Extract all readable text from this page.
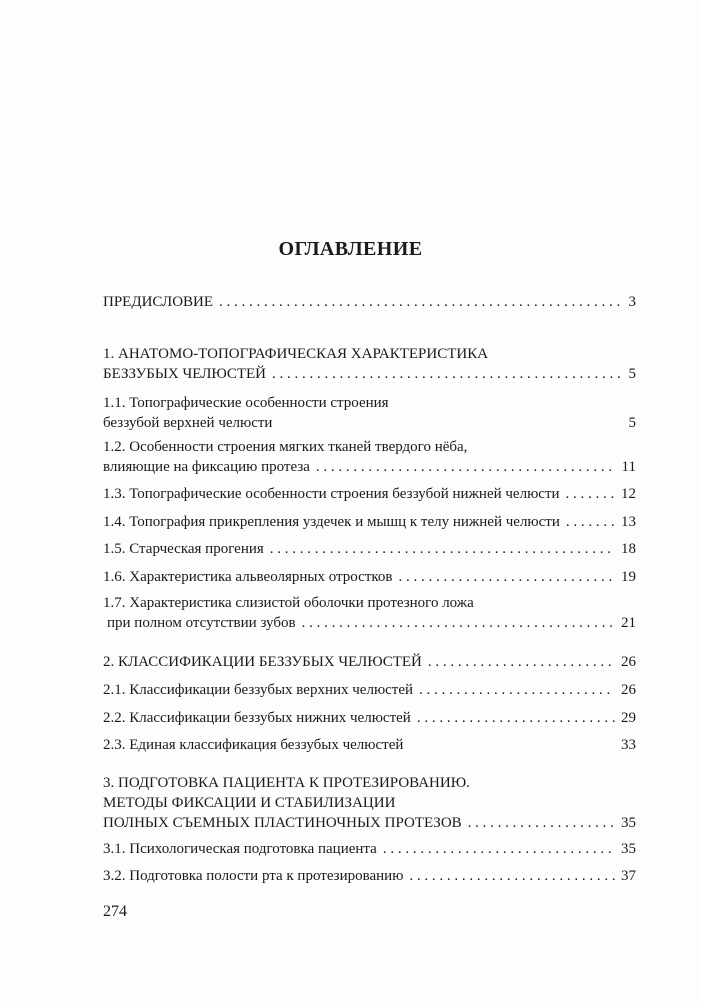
ОГЛАВЛЕНИЕ
ПРЕДИСЛОВИЕ . . .	3
1. АНАТОМО-ТОПОГРАФИЧЕСКАЯ ХАРАКТЕРИСТИКА
БЕЗЗУБЫХ ЧЕЛЮСТЕЙ . . .	5
1.1. Топографические особенности строения
беззубой верхней челюсти	5
1.2. Особенности строения мягких тканей твердого нёба,
влияющие на фиксацию протеза . . .	11
1.3. Топографические особенности строения беззубой нижней челюсти . . .	12
1.4. Топография прикрепления уздечек и мышц к телу нижней челюсти . . .	13
1.5. Старческая прогения . . .	18
1.6. Характеристика альвеолярных отростков . . .	19
1.7. Характеристика слизистой оболочки протезного ложа
при полном отсутствии зубов . . .	21
2. КЛАССИФИКАЦИИ БЕЗЗУБЫХ ЧЕЛЮСТЕЙ . . .	26
2.1. Классификации беззубых верхних челюстей . . .	26
2.2. Классификации беззубых нижних челюстей . . .	29
2.3. Единая классификация беззубых челюстей	33
3. ПОДГОТОВКА ПАЦИЕНТА К ПРОТЕЗИРОВАНИЮ.
МЕТОДЫ ФИКСАЦИИ И СТАБИЛИЗАЦИИ
ПОЛНЫХ СЪЕМНЫХ ПЛАСТИНОЧНЫХ ПРОТЕЗОВ . . .	35
3.1. Психологическая подготовка пациента . . .	35
3.2. Подготовка полости рта к протезированию . . .	37
274
